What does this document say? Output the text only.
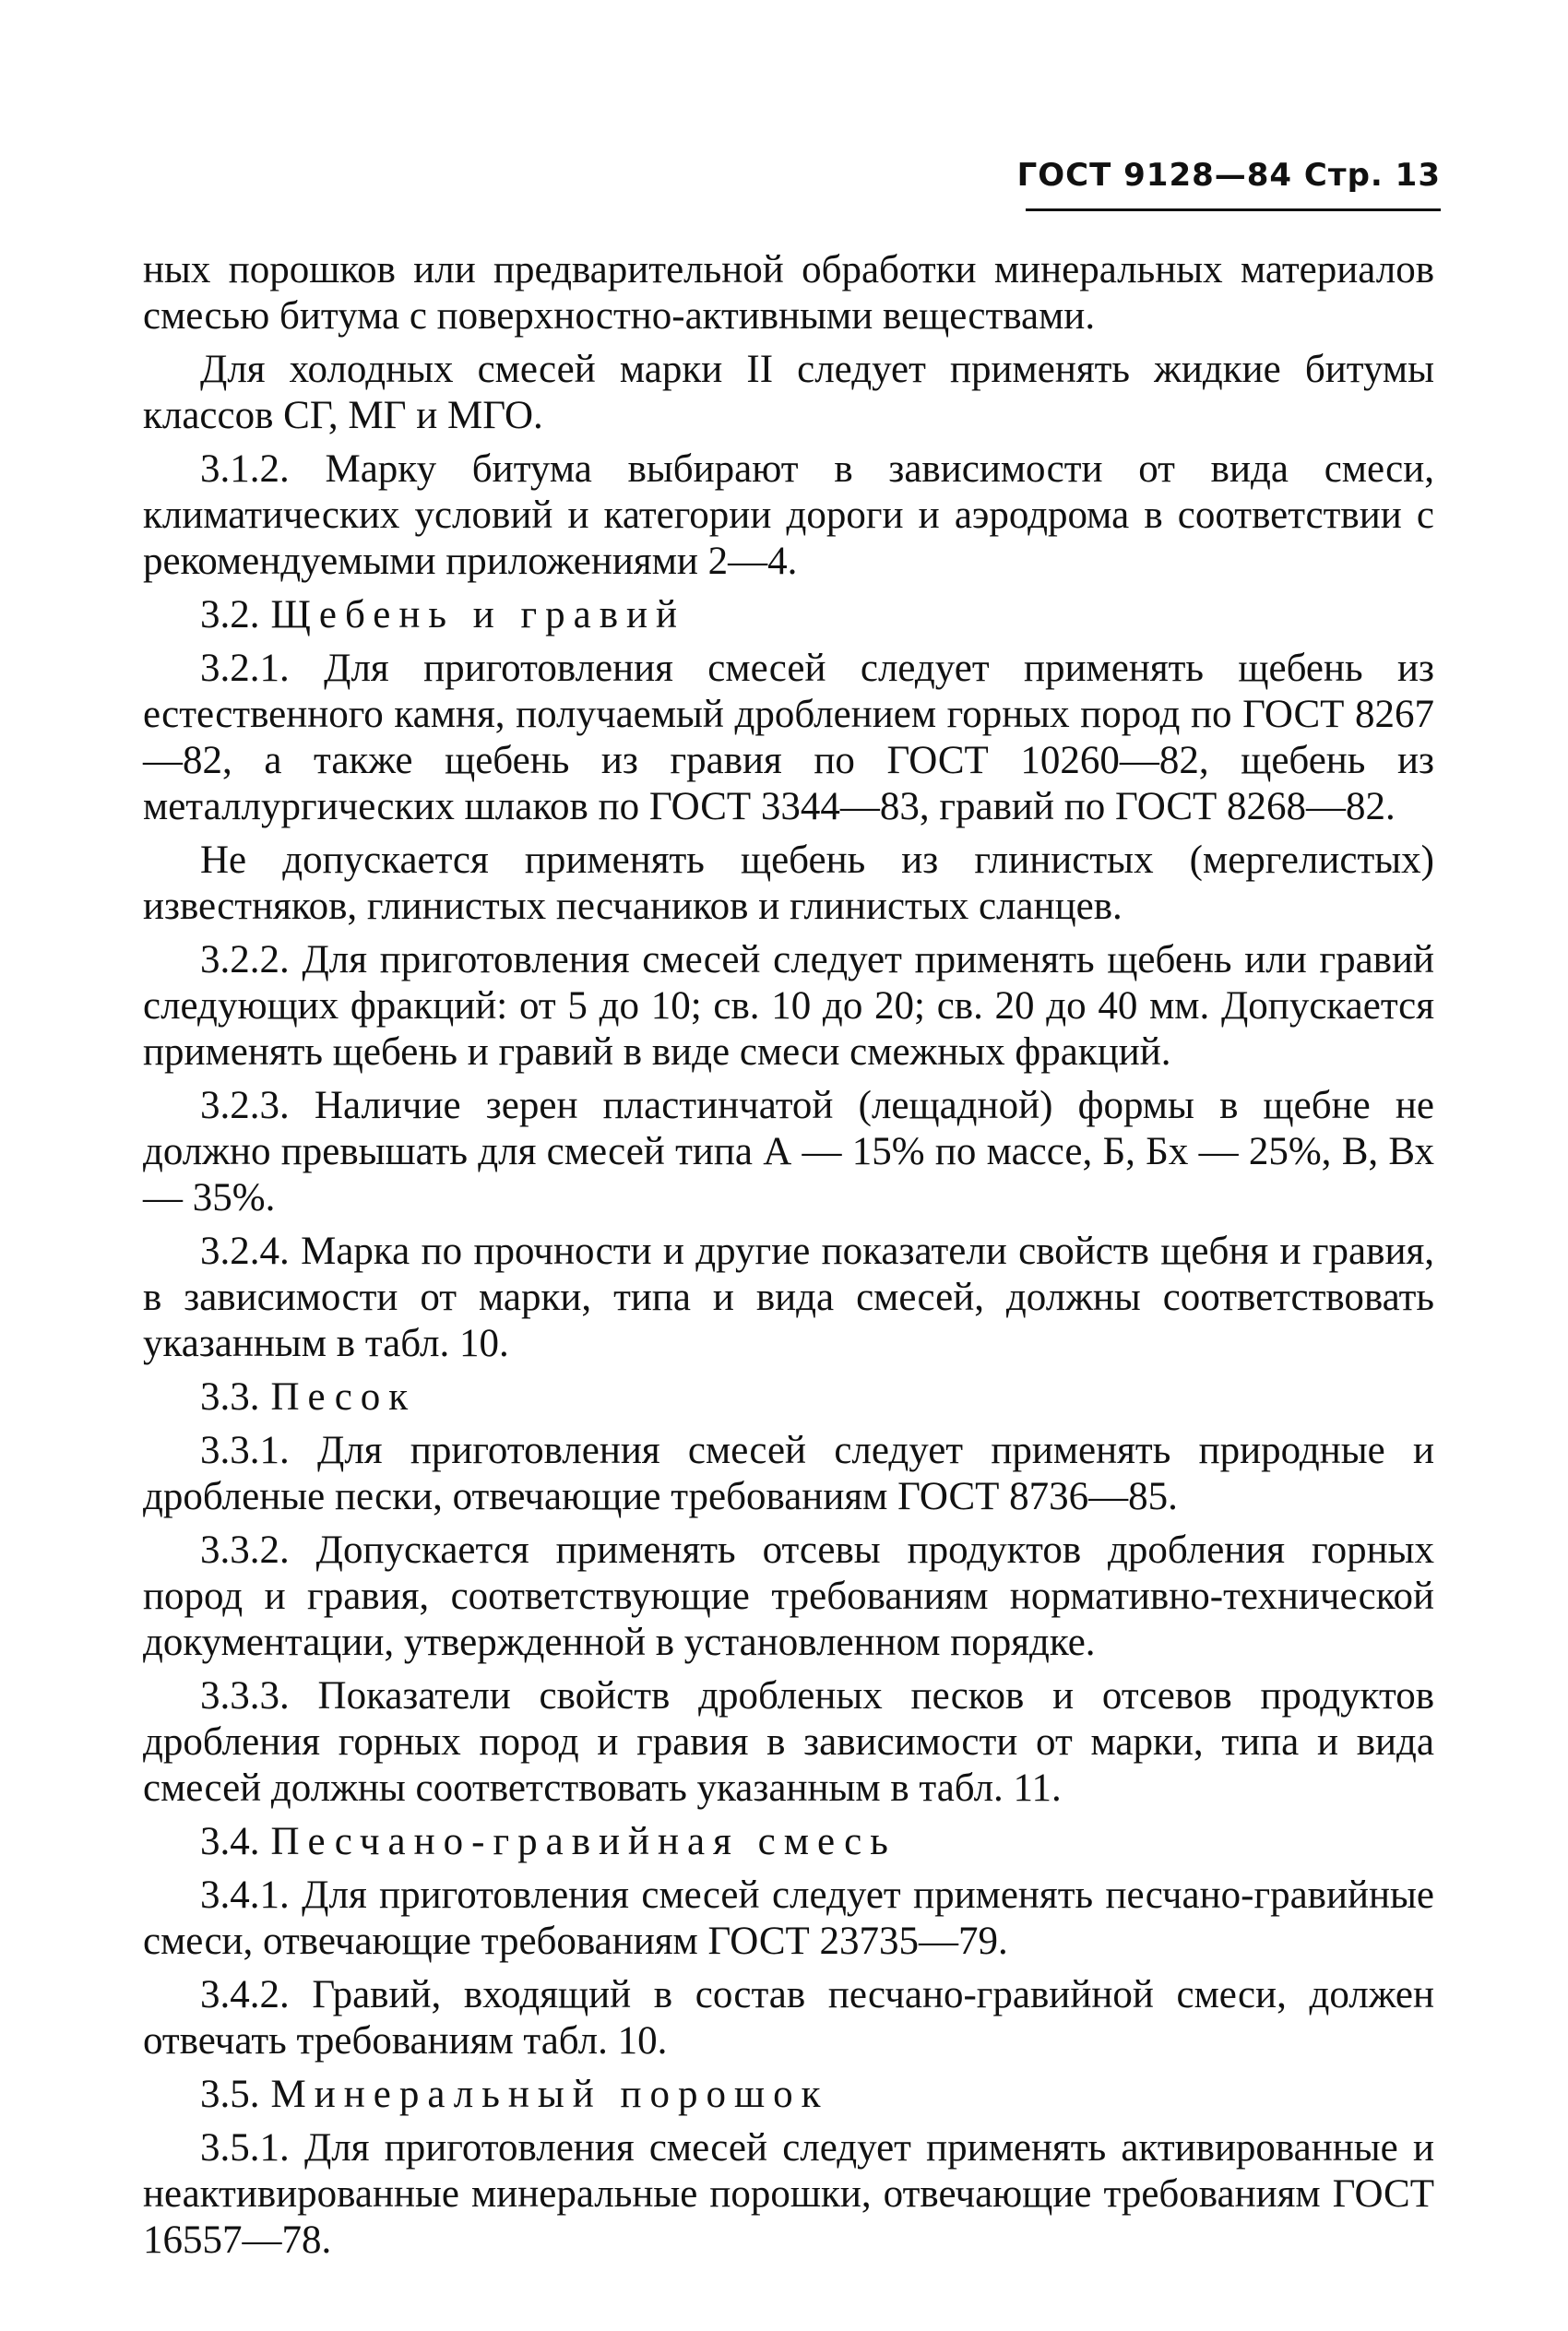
ГОСТ 9128—84 Стр. 13

ных порошков или предварительной обработки минеральных материалов смесью битума с поверхностно-активными веществами.

Для холодных смесей марки II следует применять жидкие битумы классов СГ, МГ и МГО.

3.1.2. Марку битума выбирают в зависимости от вида смеси, климатических условий и категории дороги и аэродрома в соответствии с рекомендуемыми приложениями 2—4.

3.2. Щебень и гравий

3.2.1. Для приготовления смесей следует применять щебень из естественного камня, получаемый дроблением горных пород по ГОСТ 8267—82, а также щебень из гравия по ГОСТ 10260—82, щебень из металлургических шлаков по ГОСТ 3344—83, гравий по ГОСТ 8268—82.

Не допускается применять щебень из глинистых (мергелистых) известняков, глинистых песчаников и глинистых сланцев.

3.2.2. Для приготовления смесей следует применять щебень или гравий следующих фракций: от 5 до 10; св. 10 до 20; св. 20 до 40 мм. Допускается применять щебень и гравий в виде смеси смежных фракций.

3.2.3. Наличие зерен пластинчатой (лещадной) формы в щебне не должно превышать для смесей типа А — 15% по массе, Б, Бх — 25%, В, Вх — 35%.

3.2.4. Марка по прочности и другие показатели свойств щебня и гравия, в зависимости от марки, типа и вида смесей, должны соответствовать указанным в табл. 10.

3.3. Песок

3.3.1. Для приготовления смесей следует применять природные и дробленые пески, отвечающие требованиям ГОСТ 8736—85.

3.3.2. Допускается применять отсевы продуктов дробления горных пород и гравия, соответствующие требованиям нормативно-технической документации, утвержденной в установленном порядке.

3.3.3. Показатели свойств дробленых песков и отсевов продуктов дробления горных пород и гравия в зависимости от марки, типа и вида смесей должны соответствовать указанным в табл. 11.

3.4. Песчано-гравийная смесь

3.4.1. Для приготовления смесей следует применять песчано-гравийные смеси, отвечающие требованиям ГОСТ 23735—79.

3.4.2. Гравий, входящий в состав песчано-гравийной смеси, должен отвечать требованиям табл. 10.

3.5. Минеральный порошок

3.5.1. Для приготовления смесей следует применять активированные и неактивированные минеральные порошки, отвечающие требованиям ГОСТ 16557—78.
